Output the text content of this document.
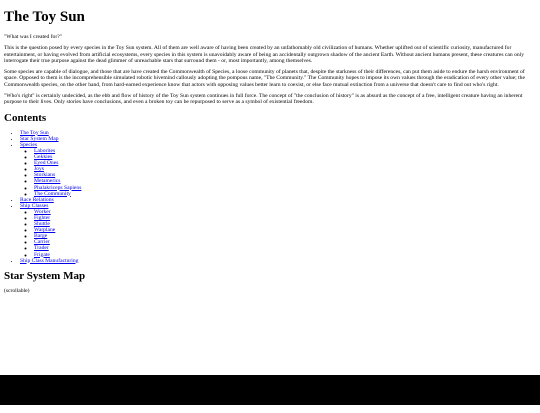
The Toy Sun

"What was I created for?"

This is the question posed by every species in the Toy Sun system. All of them are well aware of having been created by an unfathomably old civilization of humans. Whether uplifted out of scientific curiosity, manufactured for entertainment, or having evolved from artificial ecosystems, every species in this system is unavoidably aware of being an accidentally outgrown shadow of the ancient Earth. Without ancient humans present, these creatures can only interrogate their true purpose against the dead glimmer of unreachable stars that surround them - or, most importantly, among themselves.

Some species are capable of dialogue, and those that are have created the Commonwealth of Species, a loose community of planets that, despite the starkness of their differences, can put them aside to endure the harsh environment of space. Opposed to them is the incomprehensible simulated robotic hivemind callously adopting the pompous name, "The Community." The Community hopes to impose its own values through the eradication of every other value; the Commonwealth species, on the other hand, from hard-earned experience know that actors with opposing values better learn to coexist, or else face mutual extinction from a universe that doesn't care to find out who's right.

"Who's right" is certainly undecided, as the ebb and flow of history of the Toy Sun system continues in full force. The concept of "the conclusion of history" is as absurd as the concept of a free, intelligent creature having an inherent purpose to their lives. Only stories have conclusions, and even a broken toy can be repurposed to serve as a symbol of existential freedom.

Contents
• The Toy Sun
• Star System Map
• Species
◦ Laborites
◦ Gekkies
◦ Eyed Ones
◦ Joys
◦ Storkians
◦ Metamerics
◦ Phalakriceps Sapiens
◦ The Community
• Race Relations
• Ship Classes
◦ Worker
◦ Fighter
◦ Shuttle
◦ Warplane
◦ Barge
◦ Carrier
◦ Trader
◦ Frigate
• Ship Class Manufacturing
Star System Map
(scrollable)
